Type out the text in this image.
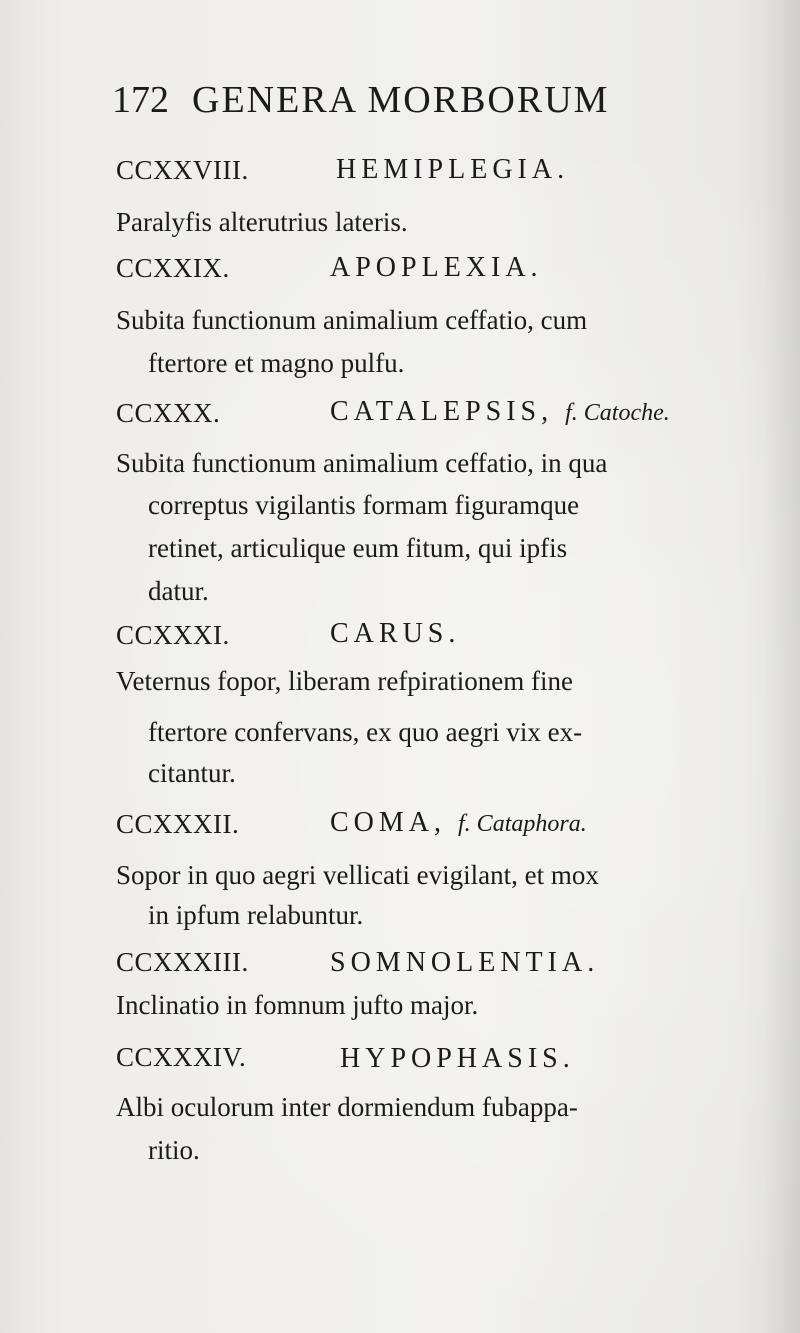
172 GENERA MORBORUM
CCXXVIII.	HEMIPLEGIA.
Paralyfis alterutrius lateris.
CCXXIX.	APOPLEXIA.
Subita functionum animalium ceffatio, cum
ftertore et magno pulfu.
CCXXX.	CATALEPSIS, f. Catoche.
Subita functionum animalium ceffatio, in qua
correptus vigilantis formam figuramque
retinet, articulique eum fitum, qui ipfis
datur.
CCXXXI.	CARUS.
Veternus fopor, liberam refpirationem fine
ftertore confervans, ex quo aegri vix ex-
citantur.
CCXXXII.	COMA, f. Cataphora.
Sopor in quo aegri vellicati evigilant, et mox
in ipfum relabuntur.
CCXXXIII.	SOMNOLENTIA.
Inclinatio in fomnum jufto major.
CCXXXIV.	HYPOPHASIS.
Albi oculorum inter dormiendum fubappa-
ritio.
